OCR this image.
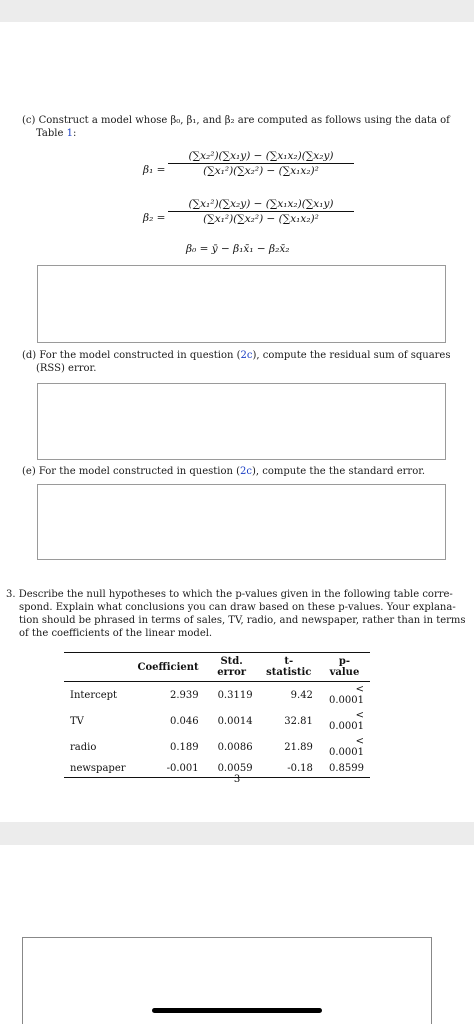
(c) Construct a model whose β₀, β₁, and β₂ are computed as follows using the data of
Table 1:
$\beta_1 = \frac{\text{(∑x₂²)(∑x₁y) − (∑x₁x₂)(∑x₂y)}}{\text{(∑x₁²)(∑x₂²) − (∑x₁x₂)²}}$
$\beta_2 = \frac{\text{(∑x₁²)(∑x₂y) − (∑x₁x₂)(∑x₁y)}}{\text{(∑x₁²)(∑x₂²) − (∑x₁x₂)²}}$
β₀ = ȳ − β₁x̄₁ − β₂x̄₂
(d) For the model constructed in question (2c), compute the residual sum of squares
(RSS) error.
(e) For the model constructed in question (2c), compute the the standard error.
3. Describe the null hypotheses to which the p-values given in the following table corre-
spond. Explain what conclusions you can draw based on these p-values. Your explana-
tion should be phrased in terms of sales, TV, radio, and newspaper, rather than in terms
of the coefficients of the linear model.
	Coefficient	Std. error	t-statistic	p-value
Intercept	2.939	0.3119	9.42	< 0.0001
TV	0.046	0.0014	32.81	< 0.0001
radio	0.189	0.0086	21.89	< 0.0001
newspaper	-0.001	0.0059	-0.18	0.8599
3
